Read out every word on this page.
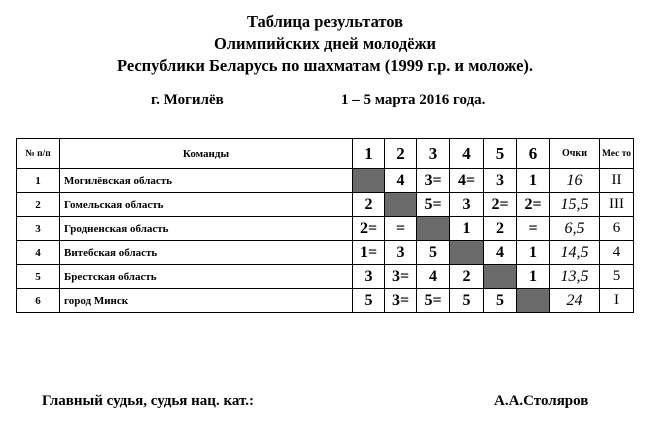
Таблица результатов
Олимпийских дней молодёжи
Республики Беларусь по шахматам (1999 г.р. и моложе).
г. Могилёв	1 – 5 марта 2016 года.
№ п/п	Команды	1	2	3	4	5	6	Очки	Мес то
1	Могилёвская область		4	3=	4=	3	1	16	II
2	Гомельская область	2		5=	3	2=	2=	15,5	III
3	Гродненская область	2=	=		1	2	=	6,5	6
4	Витебская область	1=	3	5		4	1	14,5	4
5	Брестская область	3	3=	4	2		1	13,5	5
6	город Минск	5	3=	5=	5	5		24	I
Главный судья, судья нац. кат.:	А.А.Столяров
